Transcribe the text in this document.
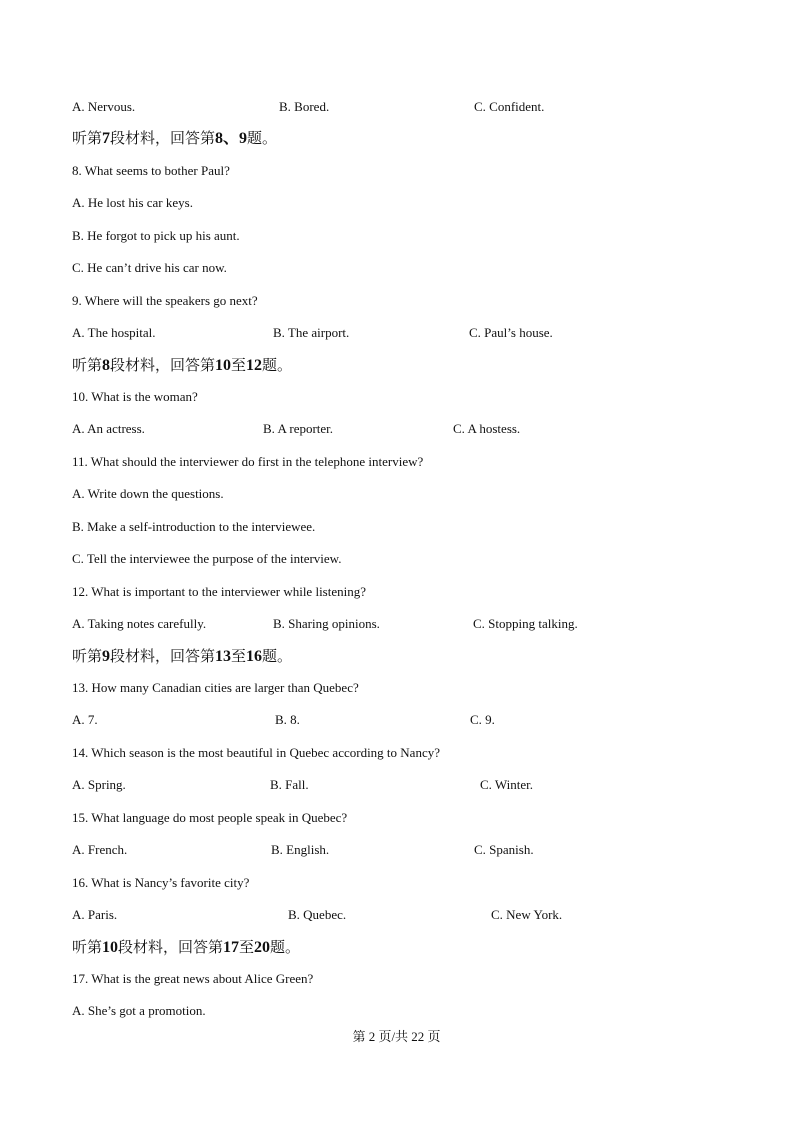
A. Nervous.	B. Bored.	C. Confident.
听第7段材料，回答第8、9题。
8. What seems to bother Paul?
A. He lost his car keys.
B. He forgot to pick up his aunt.
C. He can’t drive his car now.
9. Where will the speakers go next?
A. The hospital.	B. The airport.	C. Paul’s house.
听第8段材料，回答第10至12题。
10. What is the woman?
A. An actress.	B. A reporter.	C. A hostess.
11. What should the interviewer do first in the telephone interview?
A. Write down the questions.
B. Make a self-introduction to the interviewee.
C. Tell the interviewee the purpose of the interview.
12. What is important to the interviewer while listening?
A. Taking notes carefully.	B. Sharing opinions.	C. Stopping talking.
听第9段材料，回答第13至16题。
13. How many Canadian cities are larger than Quebec?
A. 7.	B. 8.	C. 9.
14. Which season is the most beautiful in Quebec according to Nancy?
A. Spring.	B. Fall.	C. Winter.
15. What language do most people speak in Quebec?
A. French.	B. English.	C. Spanish.
16. What is Nancy’s favorite city?
A. Paris.	B. Quebec.	C. New York.
听第10段材料，回答第17至20题。
17. What is the great news about Alice Green?
A. She’s got a promotion.
第 2 页/共 22 页
